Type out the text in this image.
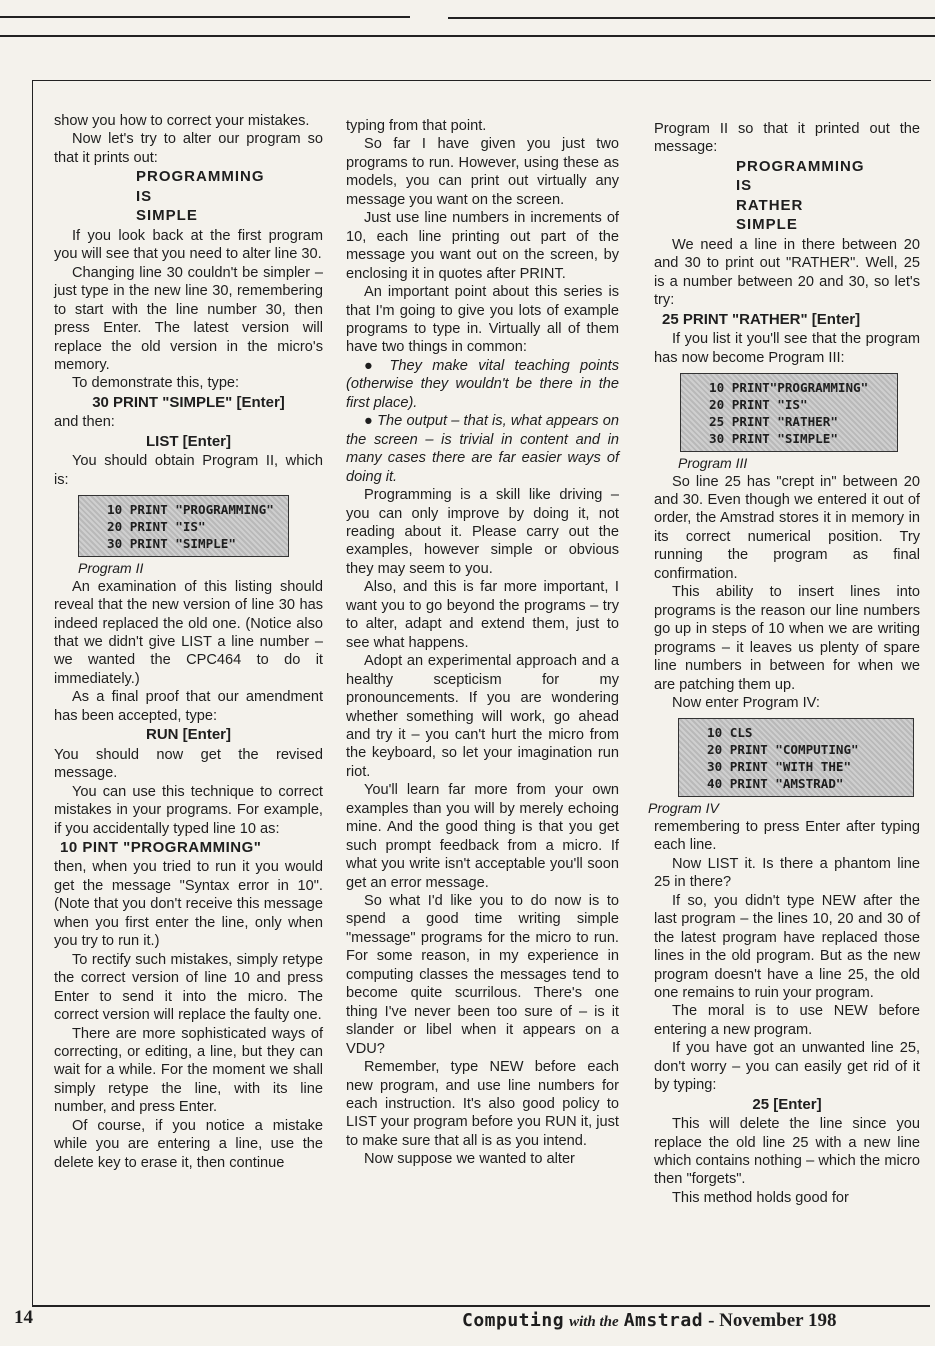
show you how to correct your mistakes.

Now let's try to alter our program so that it prints out:

PROGRAMMING
IS
SIMPLE

If you look back at the first program you will see that you need to alter line 30.

Changing line 30 couldn't be simpler – just type in the new line 30, remembering to start with the line number 30, then press Enter. The latest version will replace the old version in the micro's memory.

To demonstrate this, type:

30 PRINT "SIMPLE" [Enter]

and then:

LIST [Enter]

You should obtain Program II, which is:

10 PRINT "PROGRAMMING"
20 PRINT "IS"
30 PRINT "SIMPLE"

Program II

An examination of this listing should reveal that the new version of line 30 has indeed replaced the old one. (Notice also that we didn't give LIST a line number – we wanted the CPC464 to do it immediately.)

As a final proof that our amendment has been accepted, type:

RUN [Enter]

You should now get the revised message.

You can use this technique to correct mistakes in your programs. For example, if you accidentally typed line 10 as:

10 PINT "PROGRAMMING"

then, when you tried to run it you would get the message "Syntax error in 10". (Note that you don't receive this message when you first enter the line, only when you try to run it.)

To rectify such mistakes, simply retype the correct version of line 10 and press Enter to send it into the micro. The correct version will replace the faulty one.

There are more sophisticated ways of correcting, or editing, a line, but they can wait for a while. For the moment we shall simply retype the line, with its line number, and press Enter.

Of course, if you notice a mistake while you are entering a line, use the delete key to erase it, then continue

typing from that point.

So far I have given you just two programs to run. However, using these as models, you can print out virtually any message you want on the screen.

Just use line numbers in increments of 10, each line printing out part of the message you want out on the screen, by enclosing it in quotes after PRINT.

An important point about this series is that I'm going to give you lots of example programs to type in. Virtually all of them have two things in common:

● They make vital teaching points (otherwise they wouldn't be there in the first place).

● The output – that is, what appears on the screen – is trivial in content and in many cases there are far easier ways of doing it.

Programming is a skill like driving – you can only improve by doing it, not reading about it. Please carry out the examples, however simple or obvious they may seem to you.

Also, and this is far more important, I want you to go beyond the programs – try to alter, adapt and extend them, just to see what happens.

Adopt an experimental approach and a healthy scepticism for my pronouncements. If you are wondering whether something will work, go ahead and try it – you can't hurt the micro from the keyboard, so let your imagination run riot.

You'll learn far more from your own examples than you will by merely echoing mine. And the good thing is that you get such prompt feedback from a micro. If what you write isn't acceptable you'll soon get an error message.

So what I'd like you to do now is to spend a good time writing simple "message" programs for the micro to run. For some reason, in my experience in computing classes the messages tend to become quite scurrilous. There's one thing I've never been too sure of – is it slander or libel when it appears on a VDU?

Remember, type NEW before each new program, and use line numbers for each instruction. It's also good policy to LIST your program before you RUN it, just to make sure that all is as you intend.

Now suppose we wanted to alter

Program II so that it printed out the message:

PROGRAMMING
IS
RATHER
SIMPLE

We need a line in there between 20 and 30 to print out "RATHER". Well, 25 is a number between 20 and 30, so let's try:

25 PRINT "RATHER" [Enter]

If you list it you'll see that the program has now become Program III:

10 PRINT"PROGRAMMING"
20 PRINT "IS"
25 PRINT "RATHER"
30 PRINT "SIMPLE"

Program III

So line 25 has "crept in" between 20 and 30. Even though we entered it out of order, the Amstrad stores it in memory in its correct numerical position. Try running the program as final confirmation.

This ability to insert lines into programs is the reason our line numbers go up in steps of 10 when we are writing programs – it leaves us plenty of spare line numbers in between for when we are patching them up.

Now enter Program IV:

10 CLS
20 PRINT "COMPUTING"
30 PRINT "WITH THE"
40 PRINT "AMSTRAD"

Program IV

remembering to press Enter after typing each line.

Now LIST it. Is there a phantom line 25 in there?

If so, you didn't type NEW after the last program – the lines 10, 20 and 30 of the latest program have replaced those lines in the old program. But as the new program doesn't have a line 25, the old one remains to ruin your program.

The moral is to use NEW before entering a new program.

If you have got an unwanted line 25, don't worry – you can easily get rid of it by typing:

25 [Enter]

This will delete the line since you replace the old line 25 with a new line which contains nothing – which the micro then "forgets".

This method holds good for

14	Computing with the Amstrad - November 198
